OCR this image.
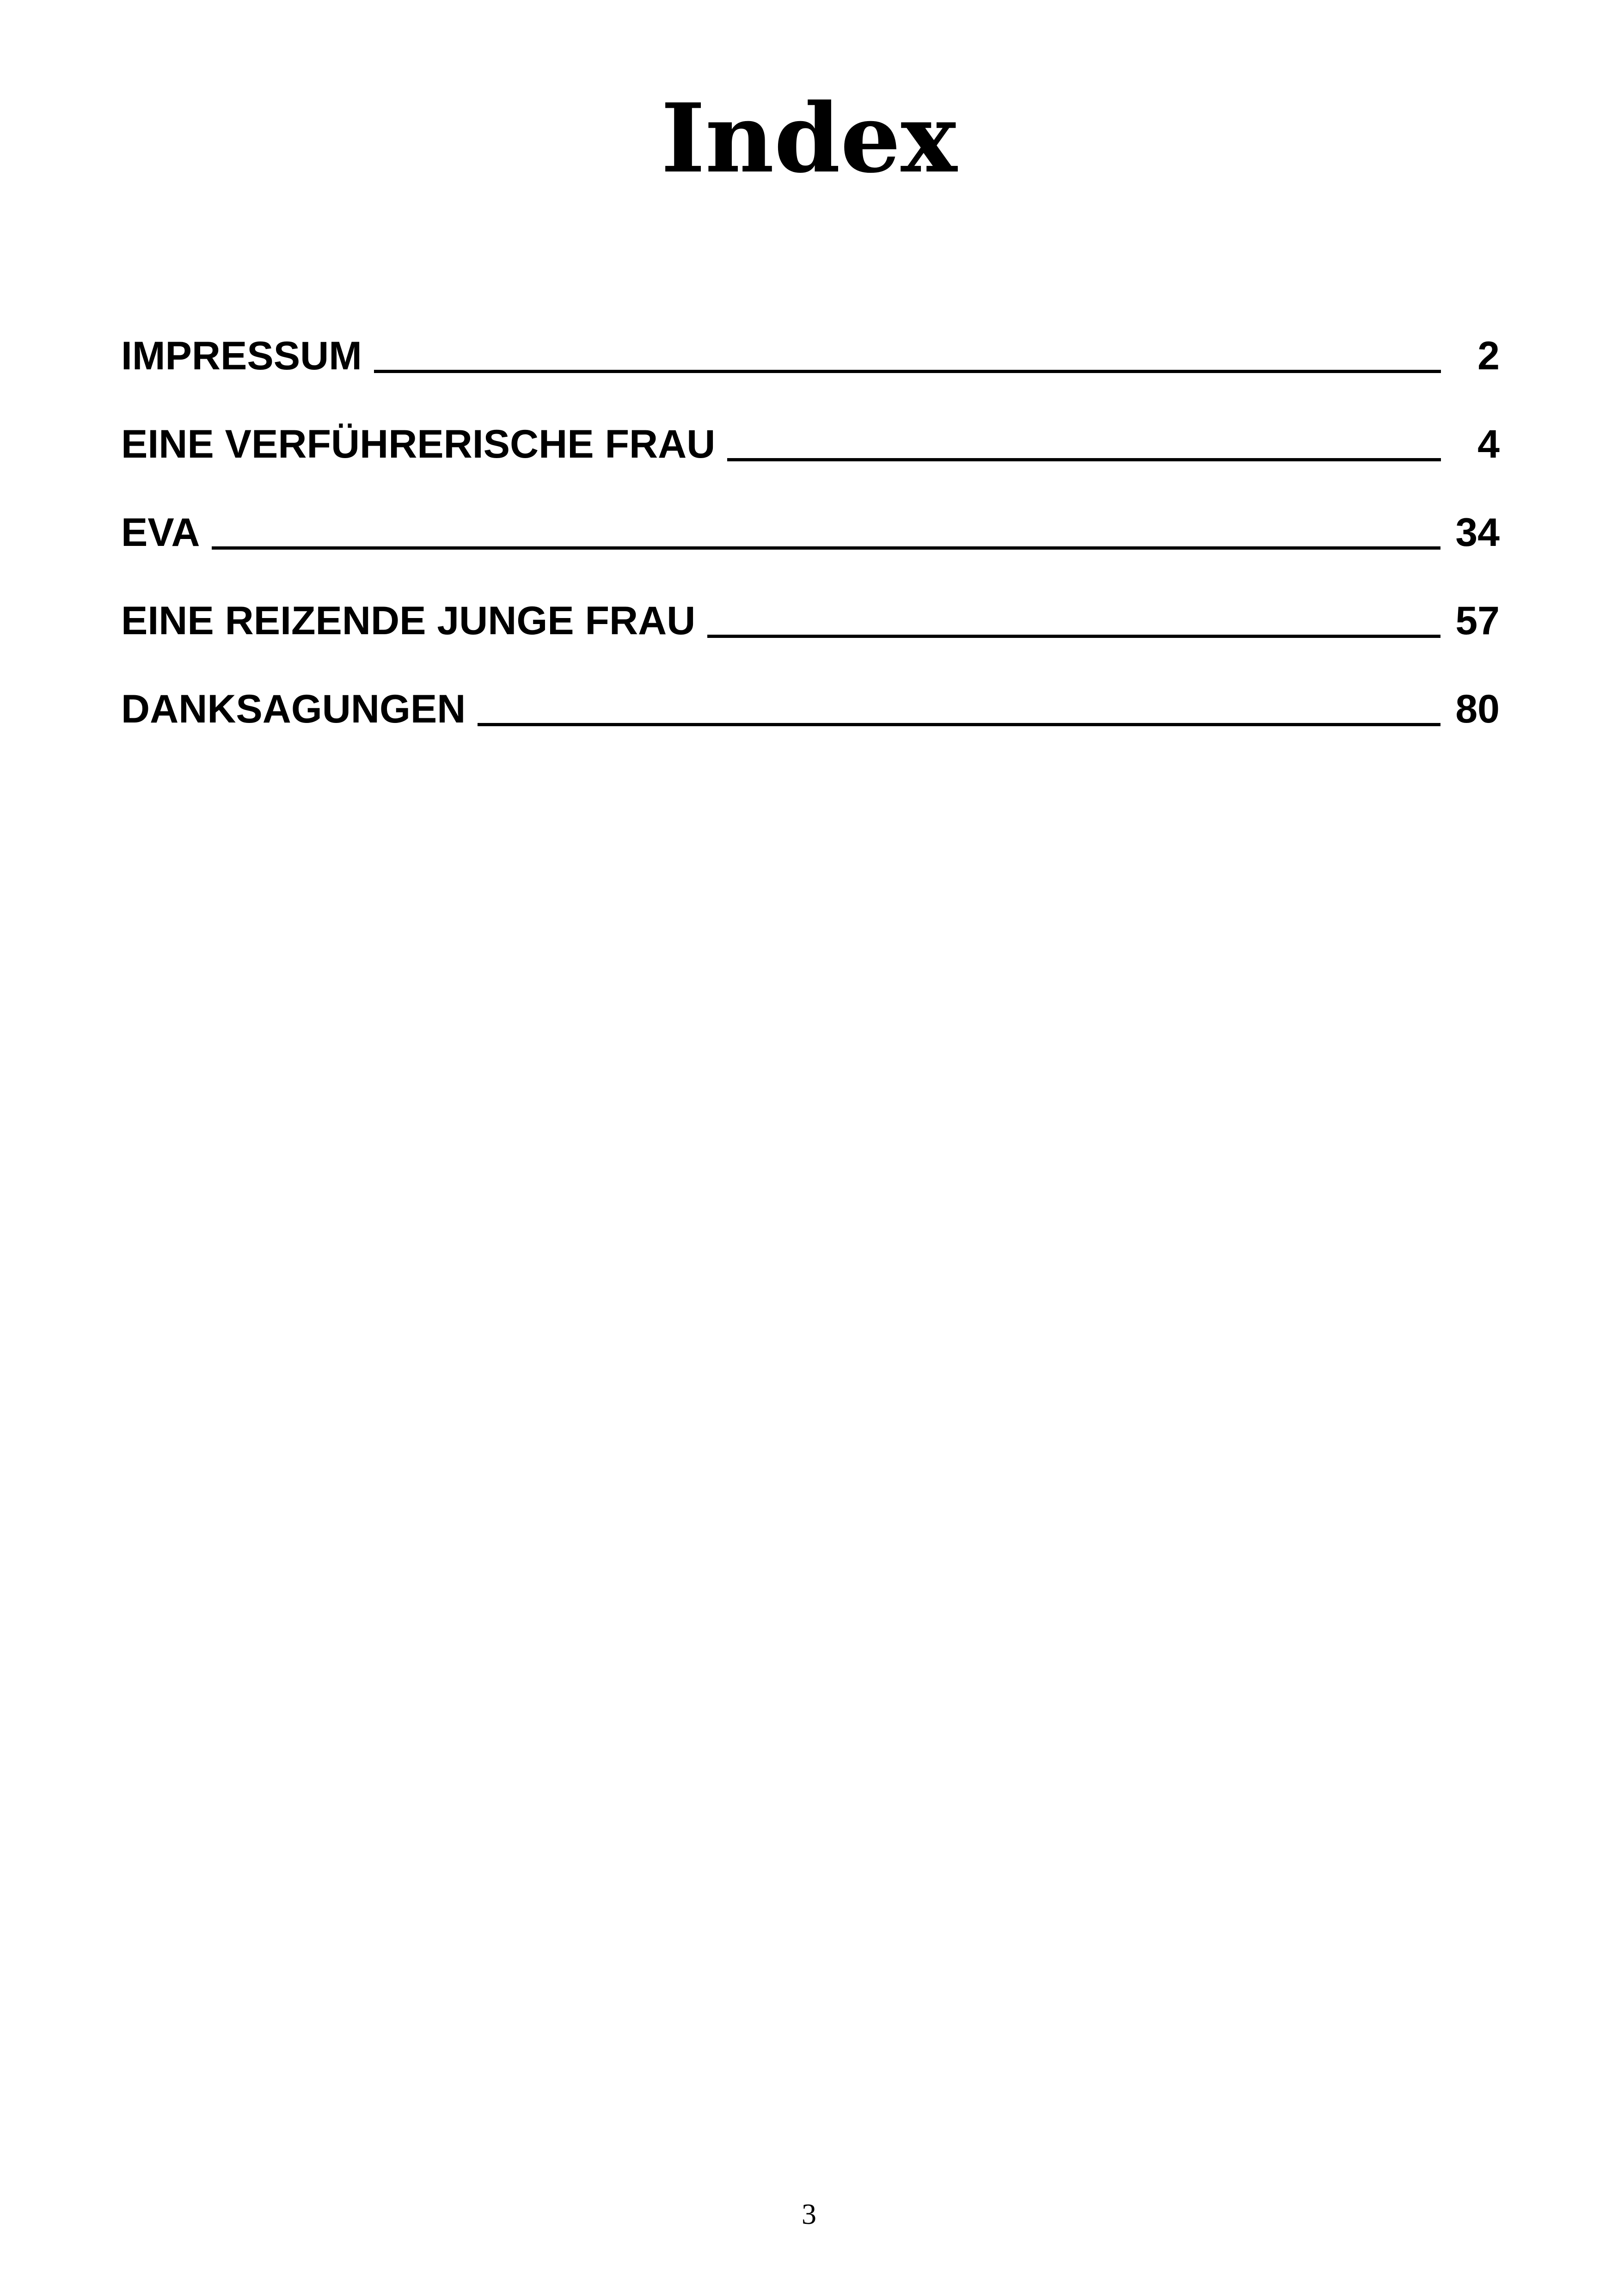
Index
IMPRESSUM	2
EINE VERFÜHRERISCHE FRAU	4
EVA	34
EINE REIZENDE JUNGE FRAU	57
DANKSAGUNGEN	80
3
